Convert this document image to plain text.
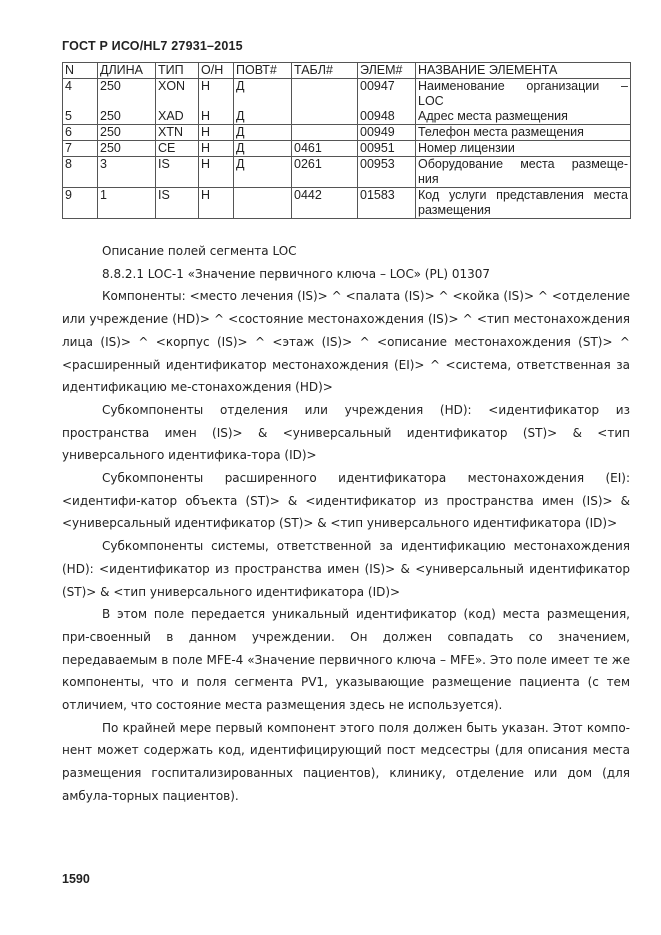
ГОСТ Р ИСО/HL7 27931–2015
N	ДЛИНА	ТИП	О/Н	ПОВТ#	ТАБЛ#	ЭЛЕМ#	НАЗВАНИЕ ЭЛЕМЕНТА
4	250	XON	Н	Д		00947	Наименование организации –
LOC

5	250	XAD	Н	Д		00948	Адрес места размещения
6	250	XTN	Н	Д		00949	Телефон места размещения
7	250	CE	Н	Д	0461	00951	Номер лицензии
8	3	IS	Н	Д	0261	00953	Оборудование места размеще-
ния

9	1	IS	Н		0442	01583	Код услуги представления места
размещения

Описание полей сегмента LOC

8.8.2.1 LOC-1 «Значение первичного ключа – LOC» (PL) 01307

Компоненты: <место лечения (IS)> ^ <палата (IS)> ^ <койка (IS)> ^ <отделение или учреждение (HD)> ^ <состояние местонахождения (IS)> ^ <тип местонахождения лица (IS)> ^ <корпус (IS)> ^ <этаж (IS)> ^ <описание местонахождения (ST)> ^ <расширенный идентификатор местонахождения (EI)> ^ <система, ответственная за идентификацию ме-стонахождения (HD)>

Субкомпоненты отделения или учреждения (HD): <идентификатор из пространства имен (IS)> & <универсальный идентификатор (ST)> & <тип универсального идентифика-тора (ID)>

Субкомпоненты расширенного идентификатора местонахождения (EI): <идентифи-катор объекта (ST)> & <идентификатор из пространства имен (IS)> & <универсальный идентификатор (ST)> & <тип универсального идентификатора (ID)>

Субкомпоненты системы, ответственной за идентификацию местонахождения (HD): <идентификатор из пространства имен (IS)> & <универсальный идентификатор (ST)> & <тип универсального идентификатора (ID)>

В этом поле передается уникальный идентификатор (код) места размещения, при-своенный в данном учреждении. Он должен совпадать со значением, передаваемым в поле MFE-4 «Значение первичного ключа – MFE». Это поле имеет те же компоненты, что и поля сегмента PV1, указывающие размещение пациента (с тем отличием, что состояние места размещения здесь не используется).

По крайней мере первый компонент этого поля должен быть указан. Этот компо-нент может содержать код, идентифицирующий пост медсестры (для описания места размещения госпитализированных пациентов), клинику, отделение или дом (для амбула-торных пациентов).

1590
